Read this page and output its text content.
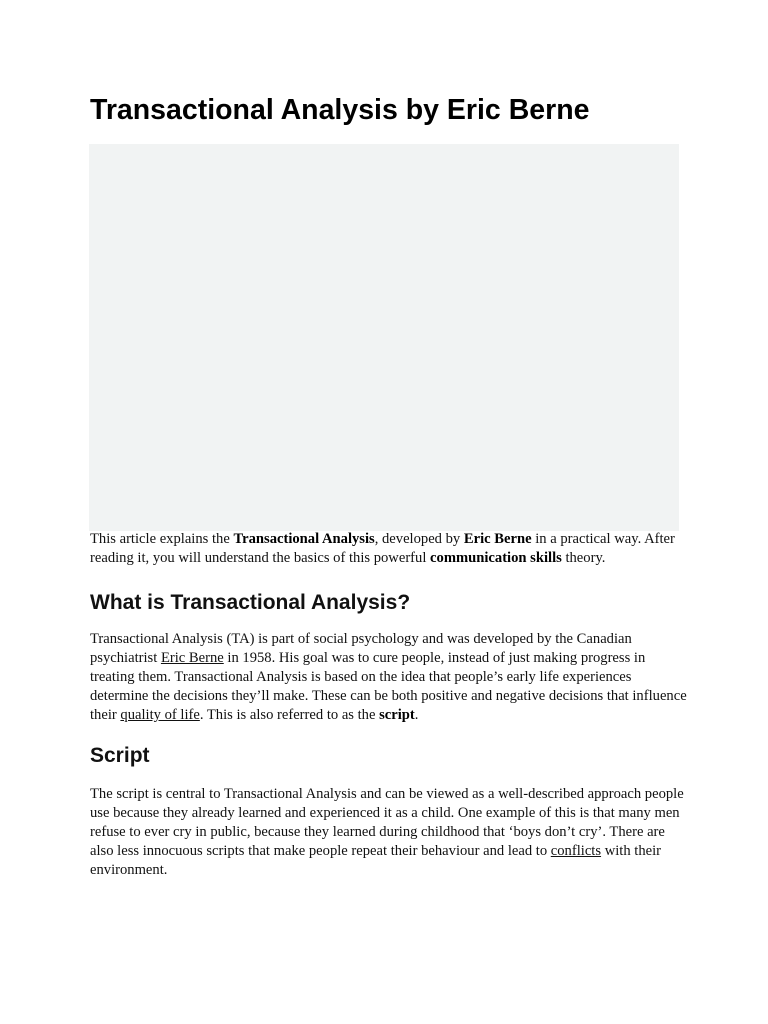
Transactional Analysis by Eric Berne

This article explains the Transactional Analysis, developed by Eric Berne in a practical way. After reading it, you will understand the basics of this powerful communication skills theory.

What is Transactional Analysis?

Transactional Analysis (TA) is part of social psychology and was developed by the Canadian psychiatrist Eric Berne in 1958. His goal was to cure people, instead of just making progress in treating them. Transactional Analysis is based on the idea that people’s early life experiences determine the decisions they’ll make. These can be both positive and negative decisions that influence their quality of life. This is also referred to as the script.

Script

The script is central to Transactional Analysis and can be viewed as a well-described approach people use because they already learned and experienced it as a child. One example of this is that many men refuse to ever cry in public, because they learned during childhood that ‘boys don’t cry’. There are also less innocuous scripts that make people repeat their behaviour and lead to conflicts with their environment.
